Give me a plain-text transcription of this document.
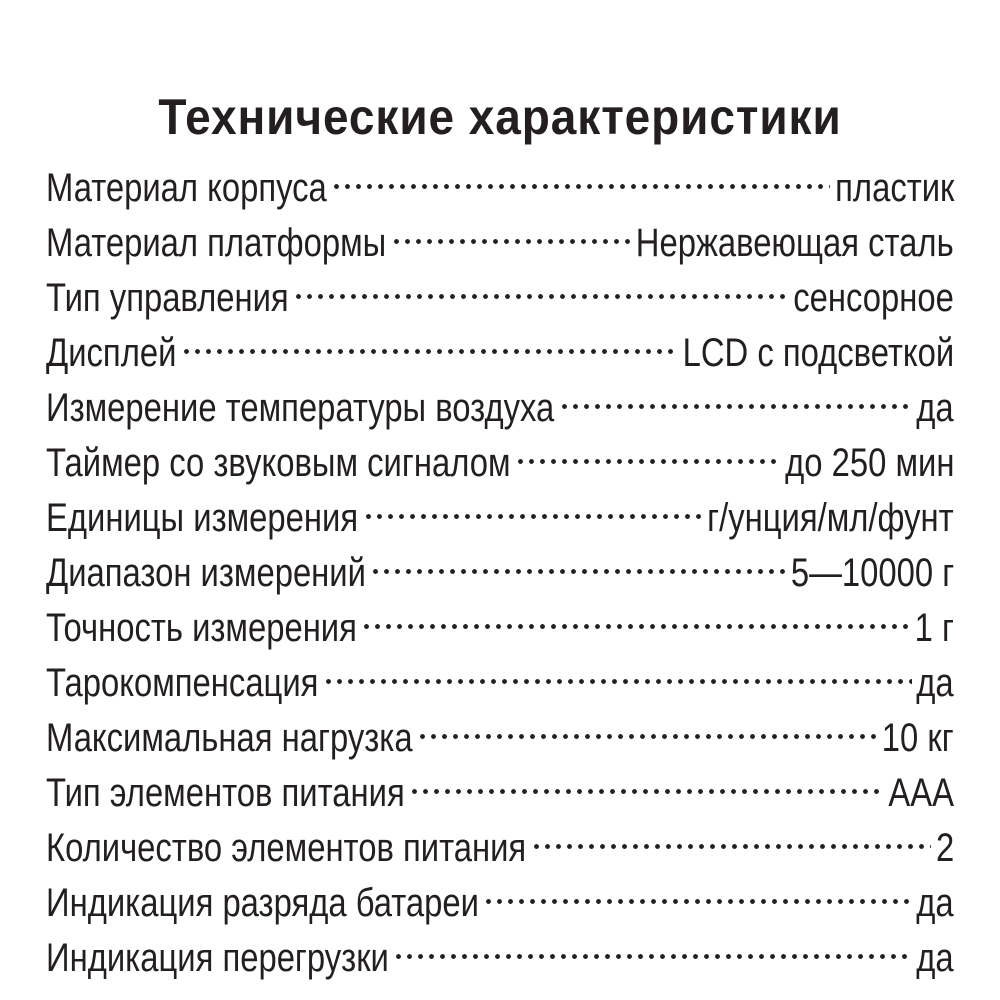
Технические характеристики
Материал корпуса	пластик
Материал платформы	Нержавеющая сталь
Тип управления	сенсорное
Дисплей	LCD с подсветкой
Измерение температуры воздуха	да
Таймер со звуковым сигналом	до 250 мин
Единицы измерения	г/унция/мл/фунт
Диапазон измерений	5—10000 г
Точность измерения	1 г
Тарокомпенсация	да
Максимальная нагрузка	10 кг
Тип элементов питания	AAA
Количество элементов питания	2
Индикация разряда батареи	да
Индикация перегрузки	да
